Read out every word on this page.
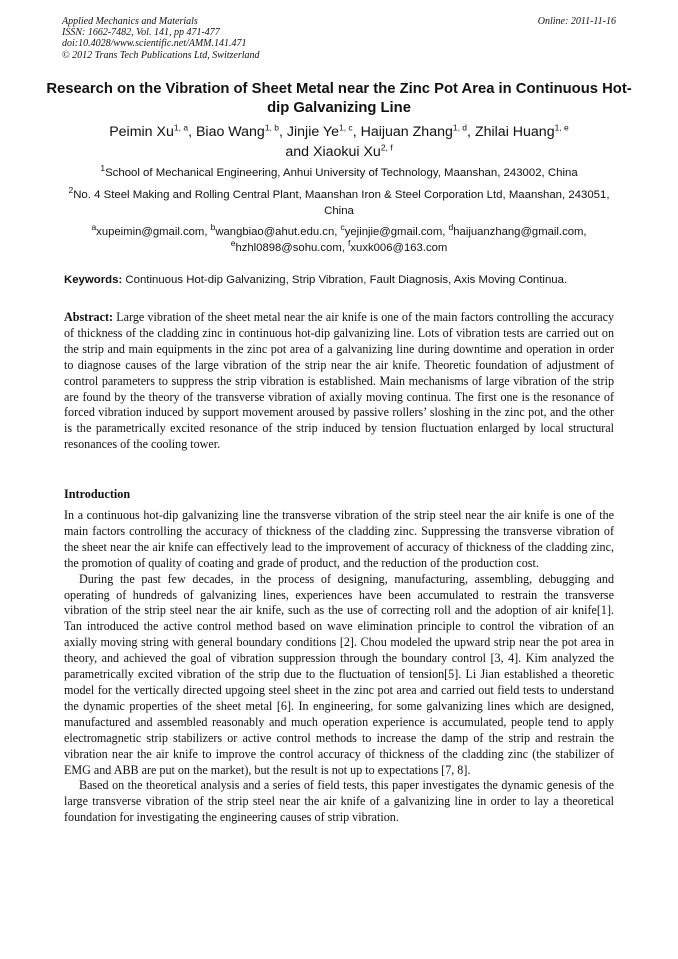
Applied Mechanics and Materials
ISSN: 1662-7482, Vol. 141, pp 471-477
doi:10.4028/www.scientific.net/AMM.141.471
© 2012 Trans Tech Publications Ltd, Switzerland
Online: 2011-11-16
Research on the Vibration of Sheet Metal near the Zinc Pot Area in Continuous Hot-dip Galvanizing Line
Peimin Xu$^{1, a}$, Biao Wang$^{1, b}$, Jinjie Ye$^{1, c}$, Haijuan Zhang$^{1, d}$, Zhilai Huang$^{1, e}$
and Xiaokui Xu$^{2, f}$
$^1$School of Mechanical Engineering, Anhui University of Technology, Maanshan, 243002, China
$^2$No. 4 Steel Making and Rolling Central Plant, Maanshan Iron & Steel Corporation Ltd, Maanshan, 243051, China
$^a$xupeimin@gmail.com, $^b$wangbiao@ahut.edu.cn, $^c$yejinjie@gmail.com, $^d$haijuanzhang@gmail.com,
$^e$hzhl0898@sohu.com, $^f$xuxk006@163.com
Keywords: Continuous Hot-dip Galvanizing, Strip Vibration, Fault Diagnosis, Axis Moving Continua.

Abstract: Large vibration of the sheet metal near the air knife is one of the main factors controlling the accuracy of thickness of the cladding zinc in continuous hot-dip galvanizing line. Lots of vibration tests are carried out on the strip and main equipments in the zinc pot area of a galvanizing line during downtime and operation in order to diagnose causes of the large vibration of the strip near the air knife. Theoretic foundation of adjustment of control parameters to suppress the strip vibration is established. Main mechanisms of large vibration of the strip are found by the theory of the transverse vibration of axially moving continua. The first one is the resonance of forced vibration induced by support movement aroused by passive rollers’ sloshing in the zinc pot, and the other is the parametrically excited resonance of the strip induced by tension fluctuation enlarged by local structural resonances of the cooling tower.

Introduction

In a continuous hot-dip galvanizing line the transverse vibration of the strip steel near the air knife is one of the main factors controlling the accuracy of thickness of the cladding zinc. Suppressing the transverse vibration of the sheet near the air knife can effectively lead to the improvement of accuracy of thickness of the cladding zinc, the promotion of quality of coating and grade of product, and the reduction of the production cost.

During the past few decades, in the process of designing, manufacturing, assembling, debugging and operating of hundreds of galvanizing lines, experiences have been accumulated to restrain the transverse vibration of the strip steel near the air knife, such as the use of correcting roll and the adoption of air knife[1]. Tan introduced the active control method based on wave elimination principle to control the vibration of an axially moving string with general boundary conditions [2]. Chou modeled the upward strip near the pot area in theory, and achieved the goal of vibration suppression through the boundary control [3, 4]. Kim analyzed the parametrically excited vibration of the strip due to the fluctuation of tension[5]. Li Jian established a theoretic model for the vertically directed upgoing steel sheet in the zinc pot area and carried out field tests to understand the dynamic properties of the sheet metal [6]. In engineering, for some galvanizing lines which are designed, manufactured and assembled reasonably and much operation experience is accumulated, people tend to apply electromagnetic strip stabilizers or active control methods to increase the damp of the strip and restrain the vibration near the air knife to improve the control accuracy of thickness of the cladding zinc (the stabilizer of EMG and ABB are put on the market), but the result is not up to expectations [7, 8].

Based on the theoretical analysis and a series of field tests, this paper investigates the dynamic genesis of the large transverse vibration of the strip steel near the air knife of a galvanizing line in order to lay a theoretical foundation for investigating the engineering causes of strip vibration.
